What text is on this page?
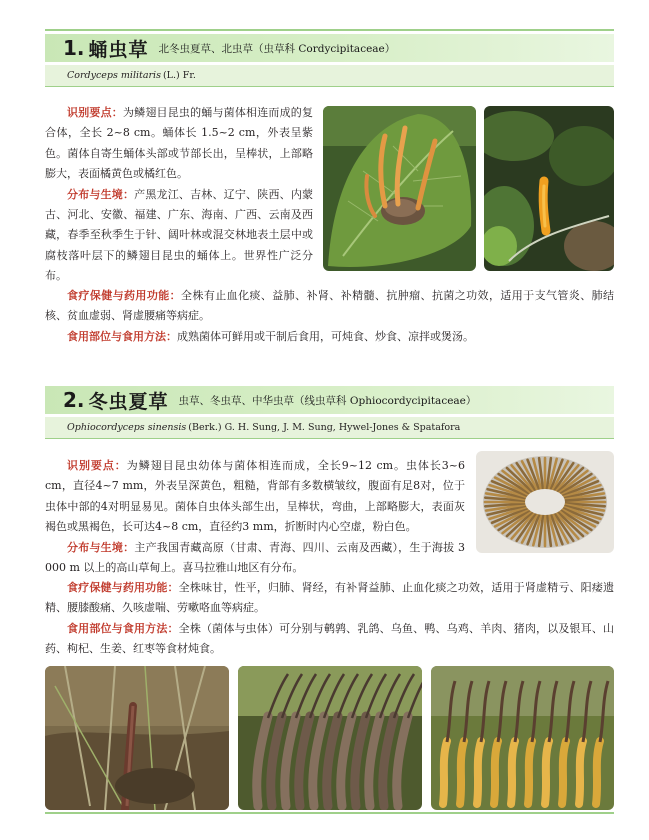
1. 蛹虫草 北冬虫夏草、北虫草（虫草科 Cordycipitaceae）
Cordyceps militaris (L.) Fr.
识别要点：为鳞翅目昆虫的蛹与菌体相连而成的复合体，全长 2~8 cm。蛹体长 1.5~2 cm，外表呈紫色。菌体自寄生蛹体头部或节部长出，呈棒状，上部略膨大，表面橘黄色或橘红色。
分布与生境：产黑龙江、吉林、辽宁、陕西、内蒙古、河北、安徽、福建、广东、海南、广西、云南及西藏，春季至秋季生于针、阔叶林或混交林地表土层中或腐枝落叶层下的鳞翅目昆虫的蛹体上。世界性广泛分布。
食疗保健与药用功能：全株有止血化痰、益肺、补肾、补精髓、抗肿瘤、抗菌之功效，适用于支气管炎、肺结核、贫血虚弱、肾虚腰痛等病症。
食用部位与食用方法：成熟菌体可鲜用或干制后食用，可炖食、炒食、凉拌或煲汤。
2. 冬虫夏草 虫草、冬虫草、中华虫草（线虫草科 Ophiocordycipitaceae）
Ophiocordyceps sinensis (Berk.) G. H. Sung, J. M. Sung, Hywel-Jones & Spatafora
识别要点：为鳞翅目昆虫幼体与菌体相连而成，全长9~12 cm。虫体长3~6 cm，直径4~7 mm，外表呈深黄色，粗糙，背部有多数横皱纹，腹面有足8对，位于虫体中部的4对明显易见。菌体自虫体头部生出，呈棒状，弯曲，上部略膨大，表面灰褐色或黑褐色，长可达4~8 cm，直径约3 mm，折断时内心空虚，粉白色。
分布与生境：主产我国青藏高原（甘肃、青海、四川、云南及西藏），生于海拔 3 000 m 以上的高山草甸上。喜马拉雅山地区有分布。
食疗保健与药用功能：全株味甘，性平，归肺、肾经，有补肾益肺、止血化痰之功效，适用于肾虚精亏、阳痿遗精、腰膝酸痛、久咳虚喘、劳嗽咯血等病症。
食用部位与食用方法：全株（菌体与虫体）可分别与鹌鹑、乳鸽、乌鱼、鸭、乌鸡、羊肉、猪肉，以及银耳、山药、枸杞、生姜、红枣等食材炖食。
